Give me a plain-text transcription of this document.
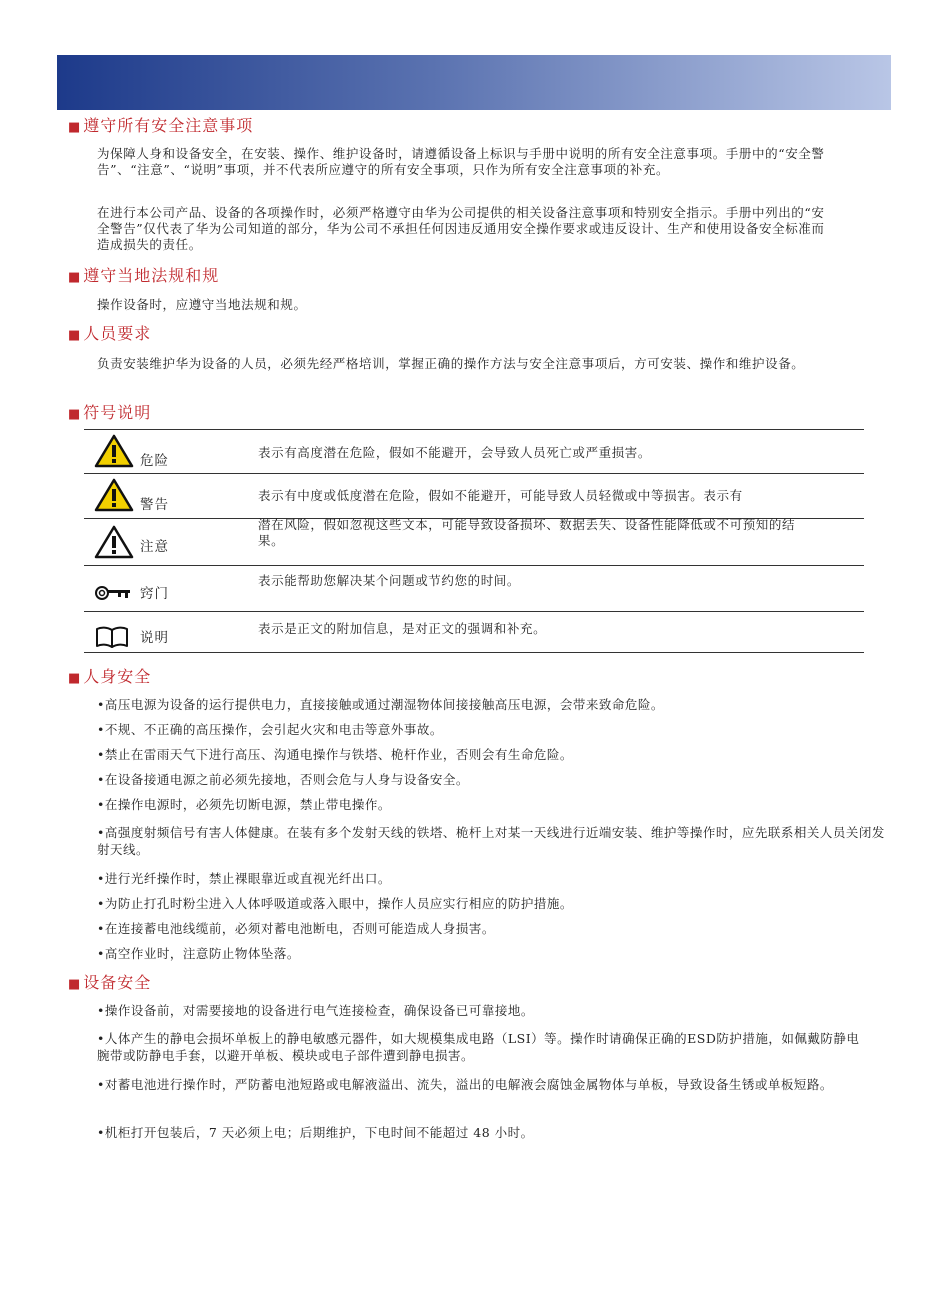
■ 遵守所有安全注意事项
为保障人身和设备安全，在安装、操作、维护设备时，请遵循设备上标识与手册中说明的所有安全注意事项。手册中的“安全警告”、“注意”、“说明”事项，并不代表所应遵守的所有安全事项，只作为所有安全注意事项的补充。
在进行本公司产品、设备的各项操作时，必须严格遵守由华为公司提供的相关设备注意事项和特别安全指示。手册中列出的“安全警告”仅代表了华为公司知道的部分，华为公司不承担任何因违反通用安全操作要求或违反设计、生产和使用设备安全标准而造成损失的责任。
■ 遵守当地法规和规
操作设备时，应遵守当地法规和规。
■ 人员要求
负责安装维护华为设备的人员，必须先经严格培训，掌握正确的操作方法与安全注意事项后，方可安装、操作和维护设备。
■ 符号说明
危险
表示有高度潜在危险，假如不能避开，会导致人员死亡或严重损害。
警告
表示有中度或低度潜在危险，假如不能避开，可能导致人员轻微或中等损害。表示有
注意
潜在风险，假如忽视这些文本，可能导致设备损坏、数据丢失、设备性能降低或不可预知的结果。
窍门
表示能帮助您解决某个问题或节约您的时间。
说明
表示是正文的附加信息，是对正文的强调和补充。
■ 人身安全
•高压电源为设备的运行提供电力，直接接触或通过潮湿物体间接接触高压电源，会带来致命危险。
•不规、不正确的高压操作，会引起火灾和电击等意外事故。
•禁止在雷雨天气下进行高压、沟通电操作与铁塔、桅杆作业，否则会有生命危险。
•在设备接通电源之前必须先接地，否则会危与人身与设备安全。
•在操作电源时，必须先切断电源，禁止带电操作。
•高强度射频信号有害人体健康。在装有多个发射天线的铁塔、桅杆上对某一天线进行近端安装、维护等操作时，应先联系相关人员关闭发射天线。
•进行光纤操作时，禁止裸眼靠近或直视光纤出口。
•为防止打孔时粉尘进入人体呼吸道或落入眼中，操作人员应实行相应的防护措施。
•在连接蓄电池线缆前，必须对蓄电池断电，否则可能造成人身损害。
•高空作业时，注意防止物体坠落。
■ 设备安全
•操作设备前，对需要接地的设备进行电气连接检查，确保设备已可靠接地。
•人体产生的静电会损坏单板上的静电敏感元器件，如大规模集成电路（LSI）等。操作时请确保正确的ESD防护措施，如佩戴防静电腕带或防静电手套，以避开单板、模块或电子部件遭到静电损害。
•对蓄电池进行操作时，严防蓄电池短路或电解液溢出、流失，溢出的电解液会腐蚀金属物体与单板，导致设备生锈或单板短路。
•机柜打开包装后，7 天必须上电；后期维护，下电时间不能超过 48 小时。
